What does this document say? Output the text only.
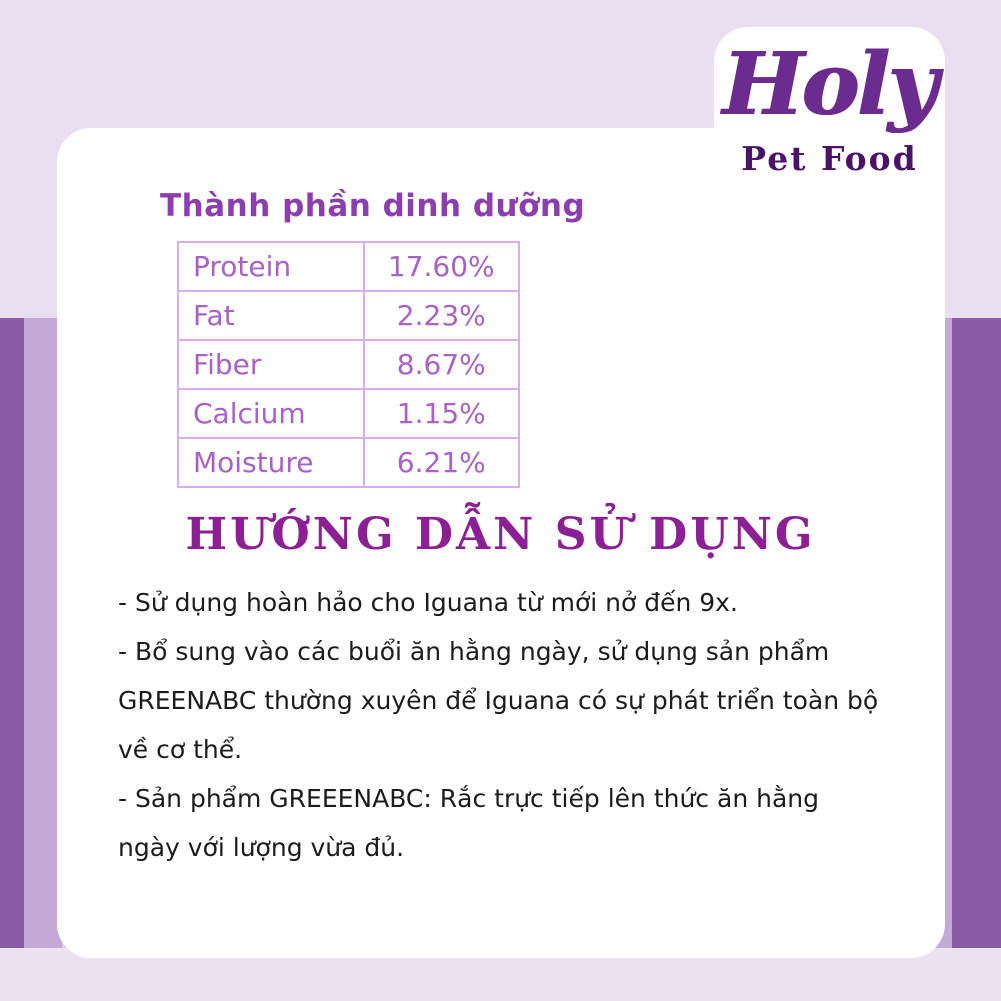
Holy
Pet Food
Thành phần dinh dưỡng
Protein	17.60%
Fat	2.23%
Fiber	8.67%
Calcium	1.15%
Moisture	6.21%
HƯỚNG DẪN SỬ DỤNG

- Sử dụng hoàn hảo cho Iguana từ mới nở đến 9x.

- Bổ sung vào các buổi ăn hằng ngày, sử dụng sản phẩm GREENABC thường xuyên để Iguana có sự phát triển toàn bộ về cơ thể.

- Sản phẩm GREEENABC: Rắc trực tiếp lên thức ăn hằng ngày với lượng vừa đủ.
